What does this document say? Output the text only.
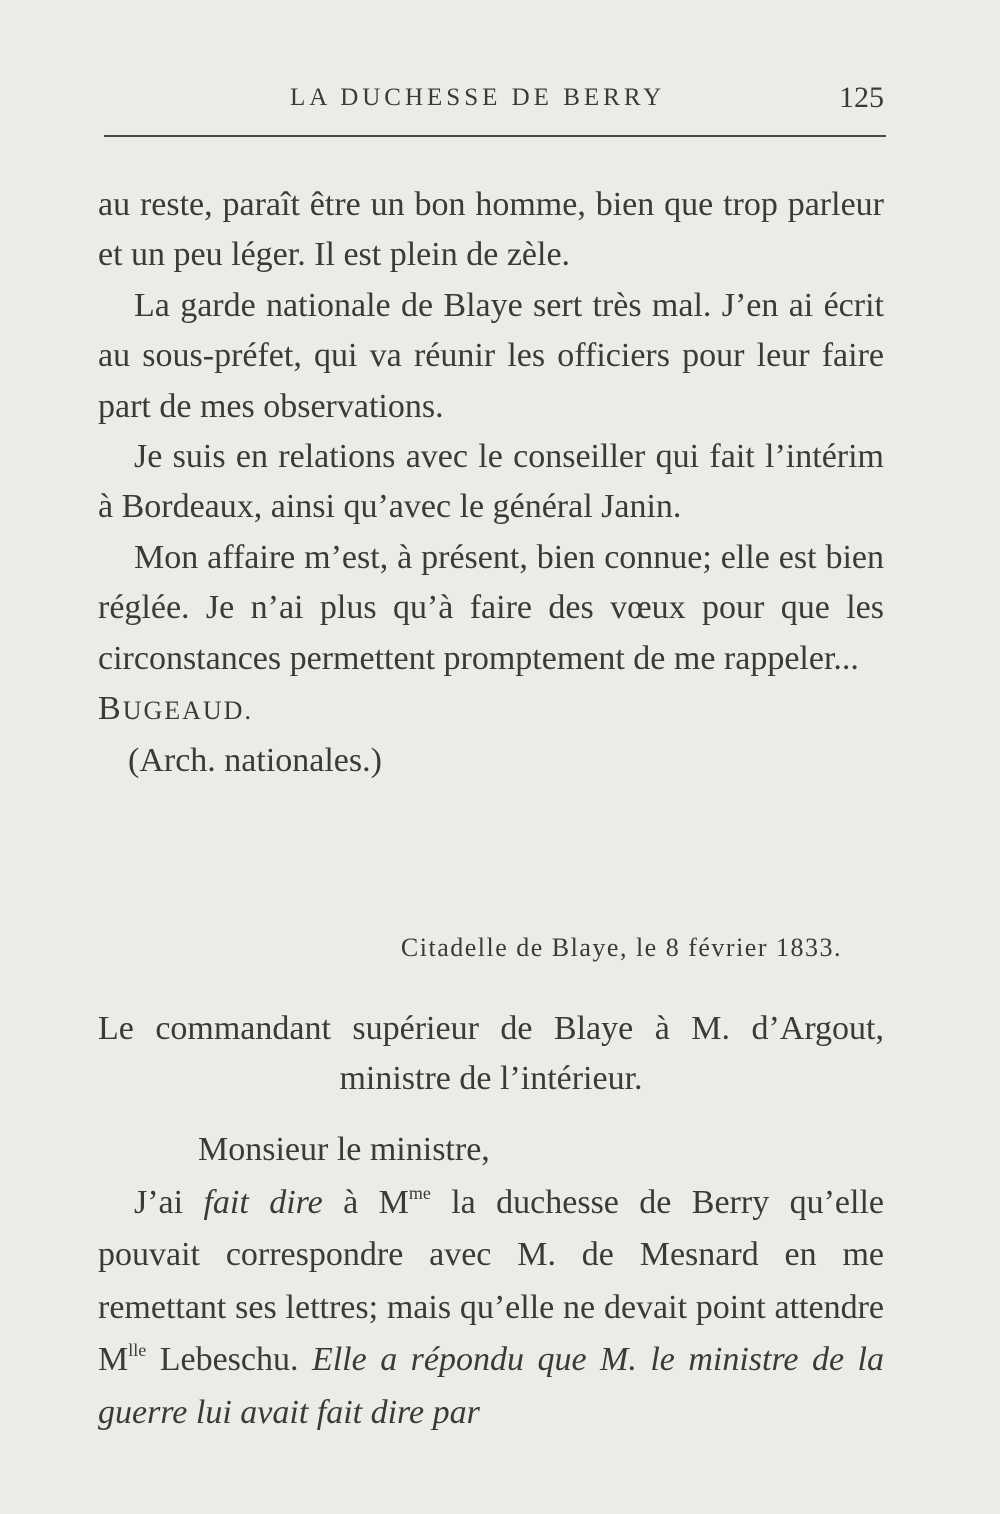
LA DUCHESSE DE BERRY	125

au reste, paraît être un bon homme, bien que trop parleur et un peu léger. Il est plein de zèle.

La garde nationale de Blaye sert très mal. J’en ai écrit au sous-préfet, qui va réunir les officiers pour leur faire part de mes observations.

Je suis en relations avec le conseiller qui fait l’intérim à Bordeaux, ainsi qu’avec le général Janin.

Mon affaire m’est, à présent, bien connue; elle est bien réglée. Je n’ai plus qu’à faire des vœux pour que les circonstances permettent promptement de me rappeler...

BUGEAUD.

(Arch. nationales.)

Citadelle de Blaye, le 8 février 1833.
Le commandant supérieur de Blaye à M. d’Argout,
ministre de l’intérieur.

Monsieur le ministre,

J’ai fait dire à $M^{me}$ la duchesse de Berry qu’elle pouvait correspondre avec M. de Mesnard en me remettant ses lettres; mais qu’elle ne devait point attendre $M^{lle}$ Lebeschu. Elle a répondu que M. le ministre de la guerre lui avait fait dire par
